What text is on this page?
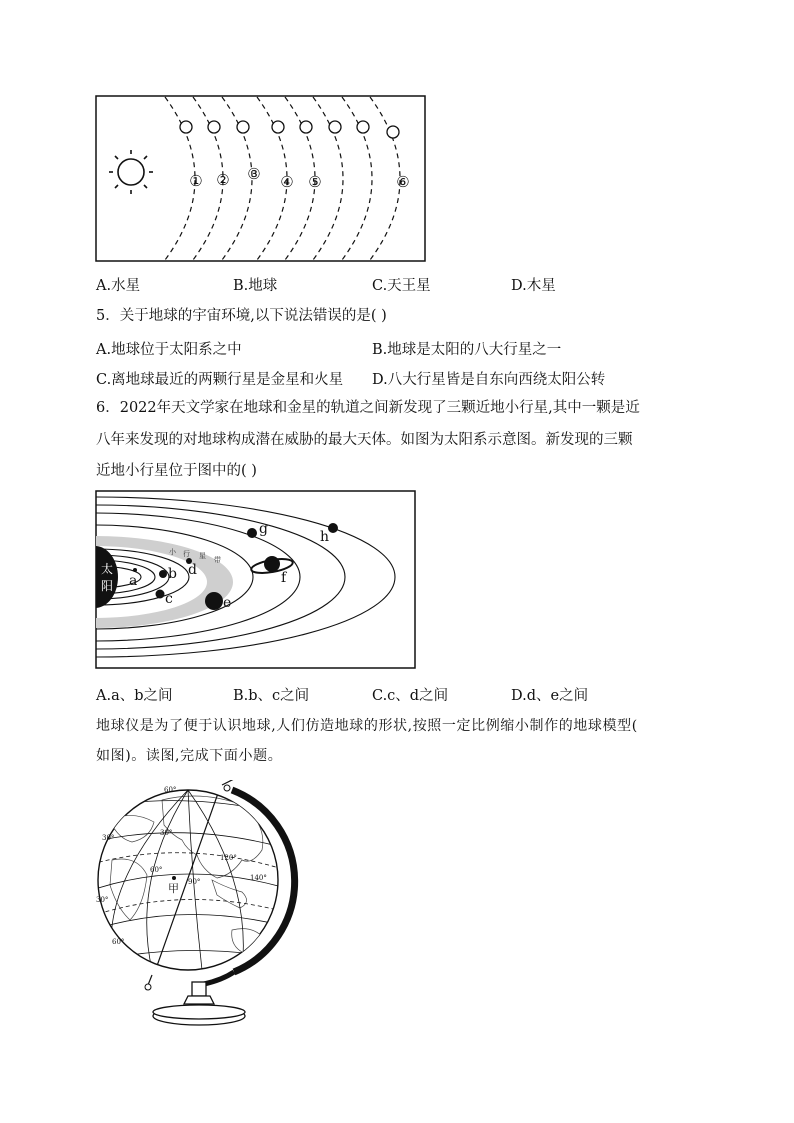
① ② ③ ④ ⑤	⑥
A.水星	B.地球	C.天王星	D.木星
5．关于地球的宇宙环境,以下说法错误的是( )
A.地球位于太阳系之中	B.地球是太阳的八大行星之一
C.离地球最近的两颗行星是金星和火星 D.八大行星皆是自东向西绕太阳公转
6．2022年天文学家在地球和金星的轨道之间新发现了三颗近地小行星,其中一颗是近
八年来发现的对地球构成潜在威胁的最大天体。如图为太阳系示意图。新发现的三颗
近地小行星位于图中的( )
太
阳
小 行 星 带
a b
c
d
e
f
g	h
A.a、b之间	B.b、c之间	C.c、d之间	D.d、e之间
地球仪是为了便于认识地球,人们仿造地球的形状,按照一定比例缩小制作的地球模型(
如图)。读图,完成下面小题。
60°
30°
30°
90°
60°
120°
140°
60°
30°
甲
